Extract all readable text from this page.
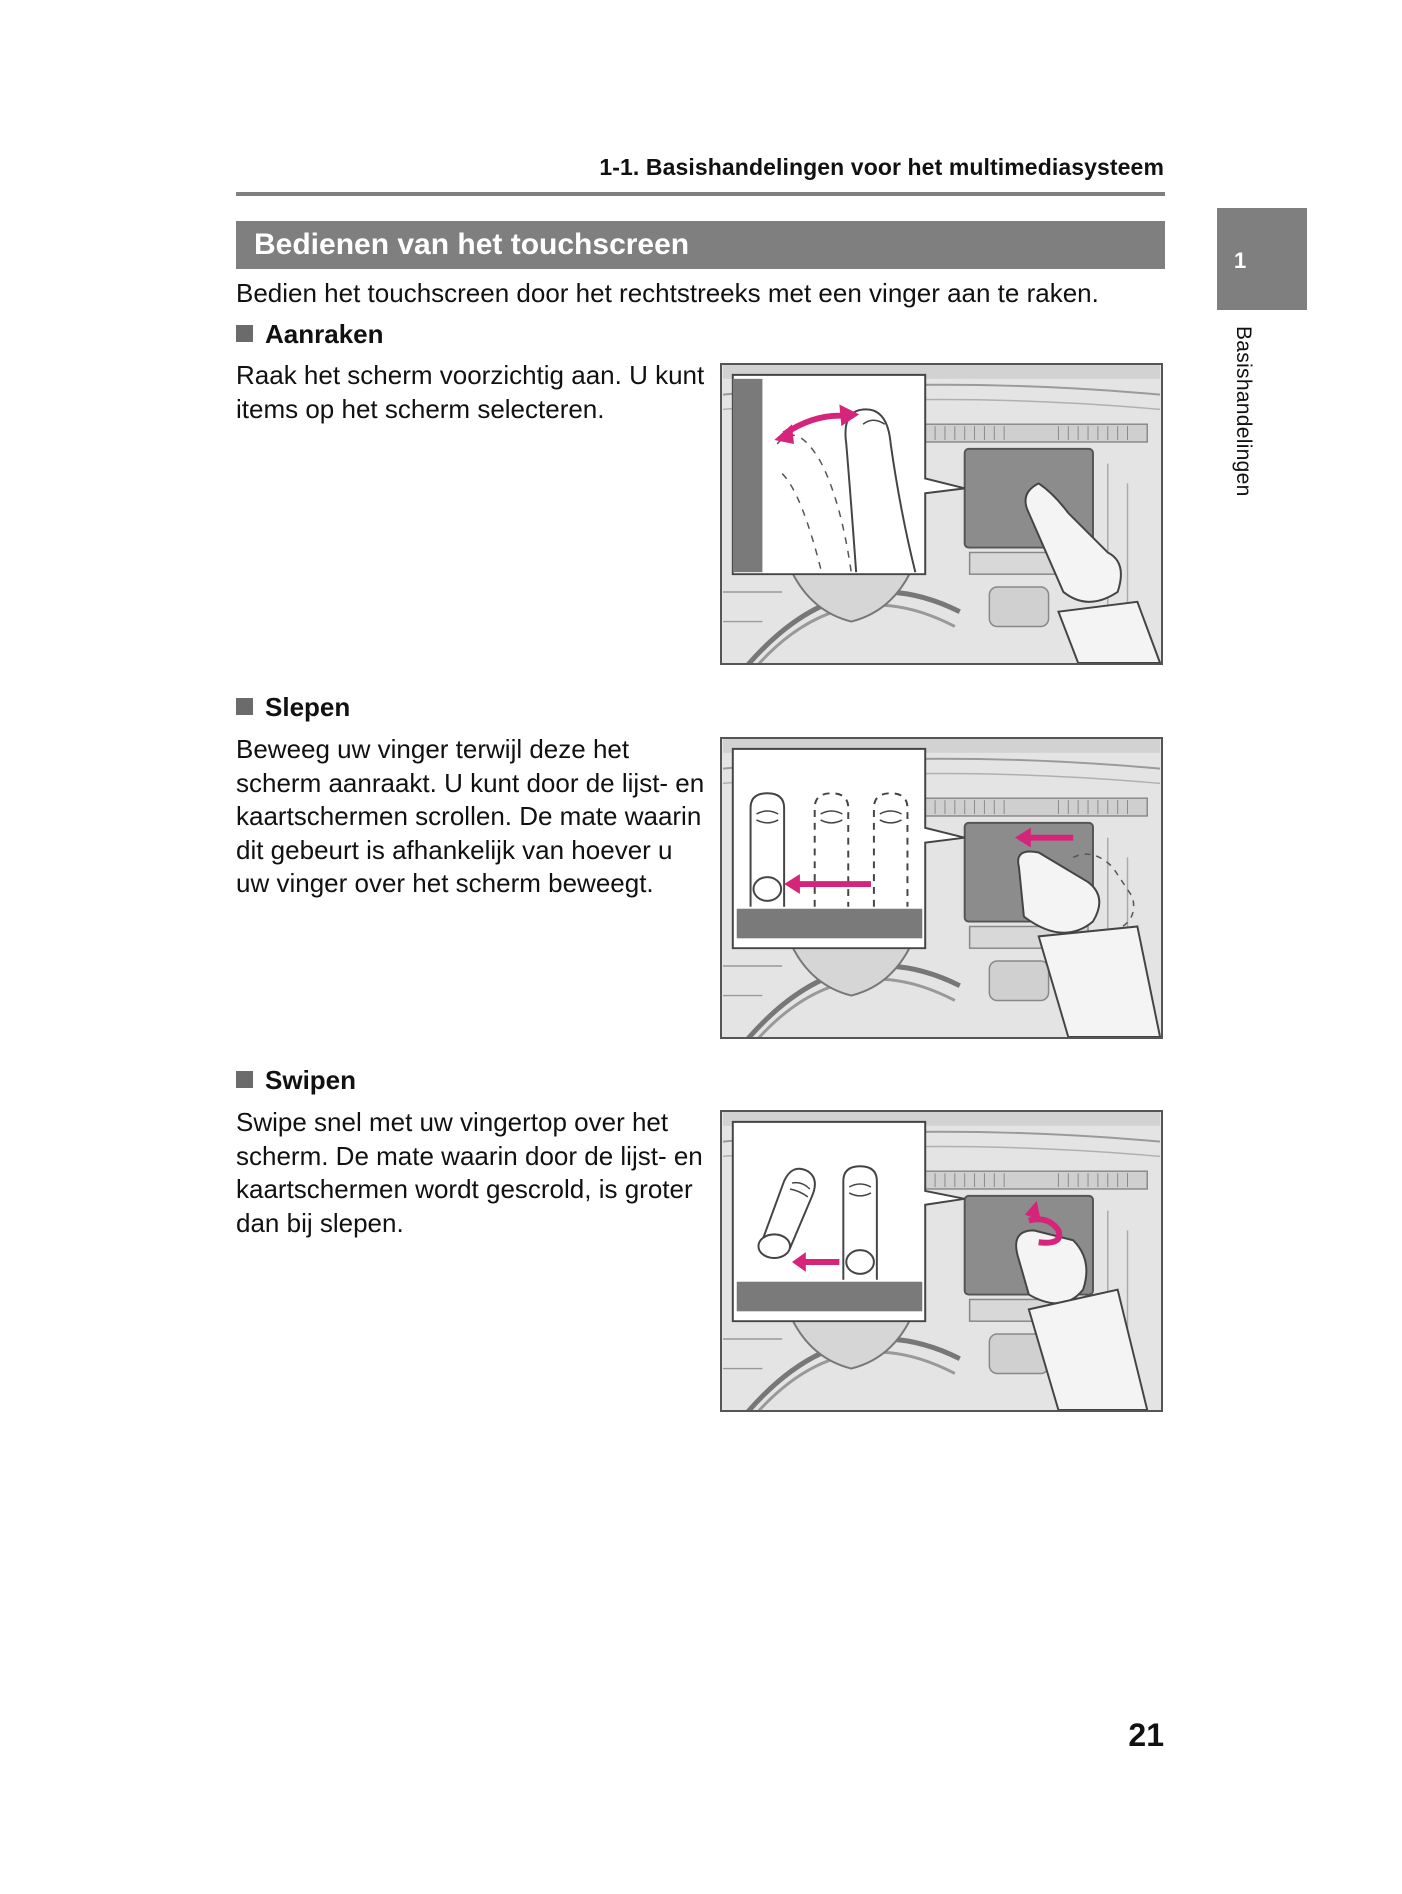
1-1. Basishandelingen voor het multimediasysteem
1
Basishandelingen
Bedienen van het touchscreen
Bedien het touchscreen door het rechtstreeks met een vinger aan te raken.
Aanraken
Raak het scherm voorzichtig aan. U kunt items op het scherm selecteren.
Slepen
Beweeg uw vinger terwijl deze het scherm aanraakt. U kunt door de lijst- en kaartschermen scrollen. De mate waarin dit gebeurt is afhankelijk van hoever u uw vinger over het scherm beweegt.
Swipen
Swipe snel met uw vingertop over het scherm. De mate waarin door de lijst- en kaartschermen wordt gescrold, is groter dan bij slepen.
21
